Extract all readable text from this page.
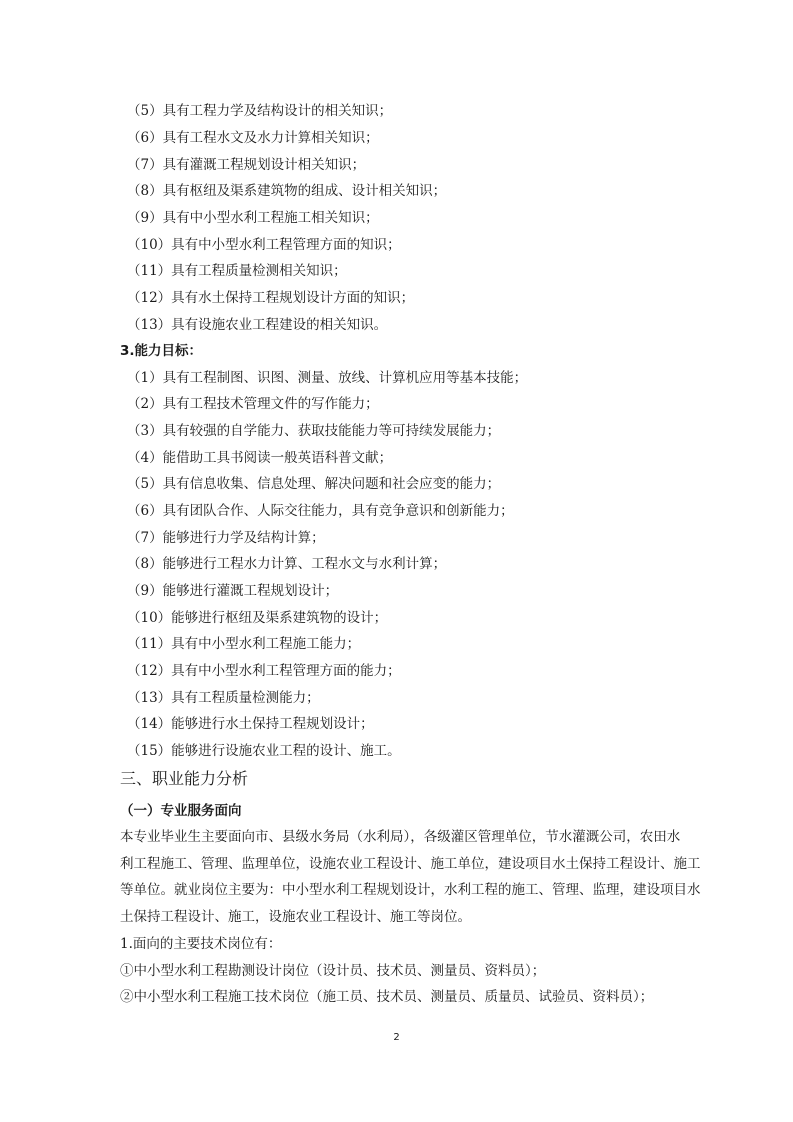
（5）具有工程力学及结构设计的相关知识；
（6）具有工程水文及水力计算相关知识；
（7）具有灌溉工程规划设计相关知识；
（8）具有枢纽及渠系建筑物的组成、设计相关知识；
（9）具有中小型水利工程施工相关知识；
（10）具有中小型水利工程管理方面的知识；
（11）具有工程质量检测相关知识；
（12）具有水土保持工程规划设计方面的知识；
（13）具有设施农业工程建设的相关知识。
3.能力目标：
（1）具有工程制图、识图、测量、放线、计算机应用等基本技能；
（2）具有工程技术管理文件的写作能力；
（3）具有较强的自学能力、获取技能能力等可持续发展能力；
（4）能借助工具书阅读一般英语科普文献；
（5）具有信息收集、信息处理、解决问题和社会应变的能力；
（6）具有团队合作、人际交往能力，具有竞争意识和创新能力；
（7）能够进行力学及结构计算；
（8）能够进行工程水力计算、工程水文与水利计算；
（9）能够进行灌溉工程规划设计；
（10）能够进行枢纽及渠系建筑物的设计；
（11）具有中小型水利工程施工能力；
（12）具有中小型水利工程管理方面的能力；
（13）具有工程质量检测能力；
（14）能够进行水土保持工程规划设计；
（15）能够进行设施农业工程的设计、施工。
三、职业能力分析
（一）专业服务面向
本专业毕业生主要面向市、县级水务局（水利局），各级灌区管理单位，节水灌溉公司，农田水
利工程施工、管理、监理单位，设施农业工程设计、施工单位，建设项目水土保持工程设计、施工
等单位。就业岗位主要为：中小型水利工程规划设计，水利工程的施工、管理、监理，建设项目水
土保持工程设计、施工，设施农业工程设计、施工等岗位。
1.面向的主要技术岗位有：
①中小型水利工程勘测设计岗位（设计员、技术员、测量员、资料员）；
②中小型水利工程施工技术岗位（施工员、技术员、测量员、质量员、试验员、资料员）；
2
